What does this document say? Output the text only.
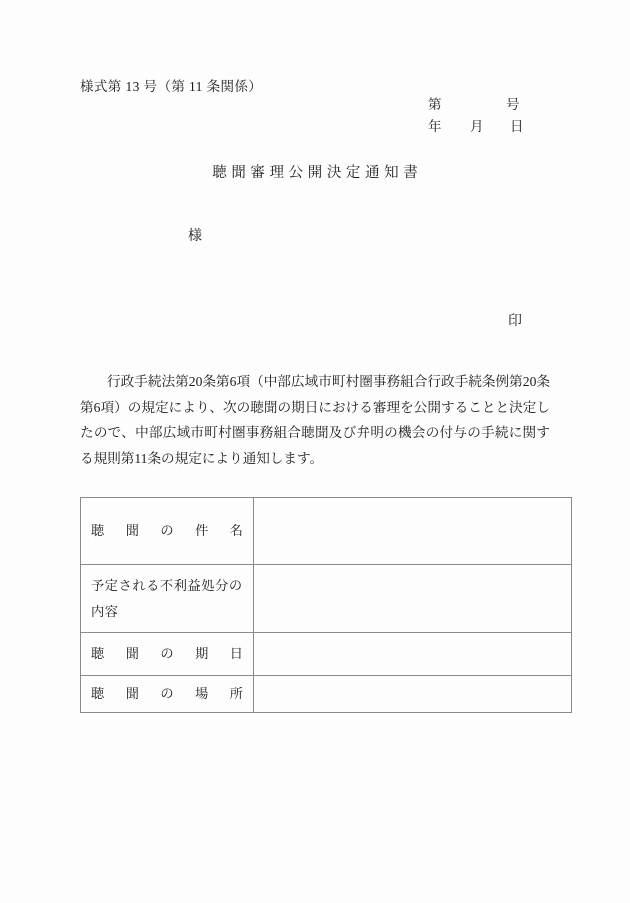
様式第 13 号（第 11 条関係）
第	号
年 月 日
聴聞審理公開決定通知書
様
印
行政手続法第20条第6項（中部広域市町村圏事務組合行政手続条例第20条第6項）の規定により、次の聴聞の期日における審理を公開することと決定したので、中部広域市町村圏事務組合聴聞及び弁明の機会の付与の手続に関する規則第11条の規定により通知します。
聴聞の件名	

予定される不利益処分の内容	

聴聞の期日	

聴聞の場所	
